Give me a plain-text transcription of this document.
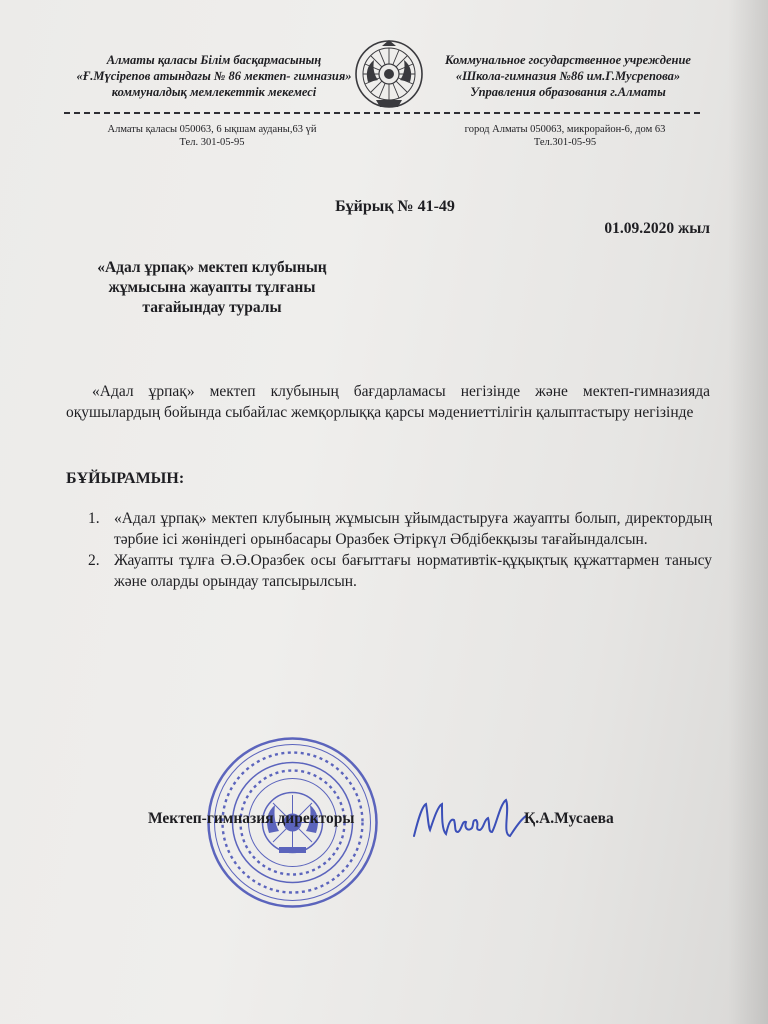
Алматы қаласы Білім басқармасының
«Ғ.Мүсірепов атындағы № 86 мектеп- гимназия»
коммуналдық мемлекеттік мекемесі
Коммунальное государственное учреждение
«Школа-гимназия №86 им.Г.Мусрепова»
Управления образования г.Алматы
Алматы қаласы 050063, 6 ықшам ауданы,63 үй
Тел. 301-05-95
город Алматы 050063, микрорайон-6, дом 63
Тел.301-05-95
Бұйрық № 41-49
01.09.2020 жыл
«Адал ұрпақ» мектеп клубының
жұмысына жауапты тұлғаны
тағайындау туралы
«Адал ұрпақ» мектеп клубының бағдарламасы негізінде және мектеп-гимназияда оқушылардың бойында сыбайлас жемқорлыққа қарсы мәдениеттілігін қалыптастыру негізінде
БҰЙЫРАМЫН:
1. «Адал ұрпақ» мектеп клубының жұмысын ұйымдастыруға жауапты болып, директордың тәрбие ісі жөніндегі орынбасары Оразбек Әтіркүл Әбдібекқызы тағайындалсын.
2. Жауапты тұлға Ә.Ә.Оразбек осы бағыттағы нормативтік-құқықтық құжаттармен танысу және оларды орындау тапсырылсын.
Мектеп-гимназия директоры	Қ.А.Мусаева
